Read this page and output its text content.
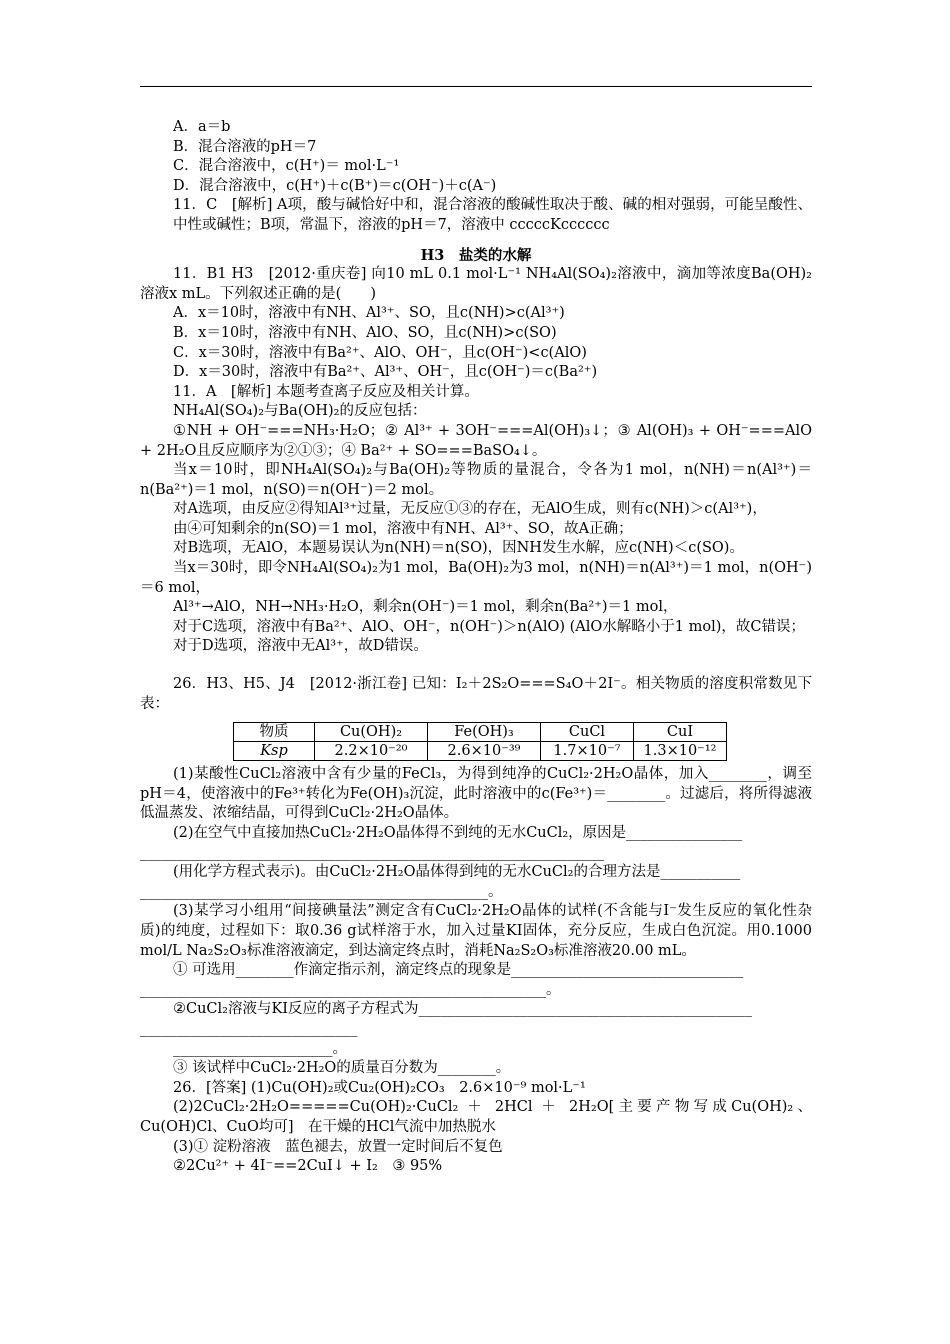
A．a＝b
B．混合溶液的pH＝7
C．混合溶液中，c(H⁺)＝ mol·L⁻¹
D．混合溶液中，c(H⁺)＋c(B⁺)＝c(OH⁻)＋c(A⁻)
11．C　[解析] A项，酸与碱恰好中和，混合溶液的酸碱性取决于酸、碱的相对强弱，可能呈酸性、中性或碱性；B项，常温下，溶液的pH＝7，溶液中 cccccKcccccc
H3　盐类的水解
11．B1 H3　[2012·重庆卷] 向10 mL 0.1 mol·L⁻¹ NH₄Al(SO₄)₂溶液中，滴加等浓度Ba(OH)₂溶液x mL。下列叙述正确的是(　　)
A．x＝10时，溶液中有NH、Al³⁺、SO，且c(NH)>c(Al³⁺)
B．x＝10时，溶液中有NH、AlO、SO，且c(NH)>c(SO)
C．x＝30时，溶液中有Ba²⁺、AlO、OH⁻，且c(OH⁻)<c(AlO)
D．x＝30时，溶液中有Ba²⁺、Al³⁺、OH⁻，且c(OH⁻)＝c(Ba²⁺)
11．A　[解析] 本题考查离子反应及相关计算。
NH₄Al(SO₄)₂与Ba(OH)₂的反应包括：
①NH + OH⁻===NH₃·H₂O；② Al³⁺ + 3OH⁻===Al(OH)₃↓；③ Al(OH)₃ + OH⁻===AlO + 2H₂O且反应顺序为②①③；④ Ba²⁺ + SO===BaSO₄↓。
当x＝10时，即NH₄Al(SO₄)₂与Ba(OH)₂等物质的量混合，令各为1 mol，n(NH)＝n(Al³⁺)＝n(Ba²⁺)＝1 mol，n(SO)＝n(OH⁻)＝2 mol。
对A选项，由反应②得知Al³⁺过量，无反应①③的存在，无AlO生成，则有c(NH)＞c(Al³⁺)，
由④可知剩余的n(SO)＝1 mol，溶液中有NH、Al³⁺、SO，故A正确；
对B选项，无AlO，本题易误认为n(NH)＝n(SO)，因NH发生水解，应c(NH)＜c(SO)。
当x＝30时，即令NH₄Al(SO₄)₂为1 mol，Ba(OH)₂为3 mol，n(NH)＝n(Al³⁺)＝1 mol，n(OH⁻)＝6 mol，
Al³⁺→AlO，NH→NH₃·H₂O，剩余n(OH⁻)＝1 mol，剩余n(Ba²⁺)＝1 mol，
对于C选项，溶液中有Ba²⁺、AlO、OH⁻，n(OH⁻)＞n(AlO) (AlO水解略小于1 mol)，故C错误；
对于D选项，溶液中无Al³⁺，故D错误。
26．H3、H5、J4　[2012·浙江卷] 已知：I₂＋2S₂O===S₄O＋2I⁻。相关物质的溶度积常数见下表：
物质	Cu(OH)₂	Fe(OH)₃	CuCl	CuI
Ksp	2.2×10⁻²⁰	2.6×10⁻³⁹	1.7×10⁻⁷	1.3×10⁻¹²
(1)某酸性CuCl₂溶液中含有少量的FeCl₃，为得到纯净的CuCl₂·2H₂O晶体，加入________，调至pH＝4，使溶液中的Fe³⁺转化为Fe(OH)₃沉淀，此时溶液中的c(Fe³⁺)＝________。过滤后，将所得滤液低温蒸发、浓缩结晶，可得到CuCl₂·2H₂O晶体。
(2)在空气中直接加热CuCl₂·2H₂O晶体得不到纯的无水CuCl₂，原因是________________
________________________________________________________________
(用化学方程式表示)。由CuCl₂·2H₂O晶体得到纯的无水CuCl₂的合理方法是___________
________________________________________________。
(3)某学习小组用“间接碘量法”测定含有CuCl₂·2H₂O晶体的试样(不含能与I⁻发生反应的氧化性杂质)的纯度，过程如下：取0.36 g试样溶于水，加入过量KI固体，充分反应，生成白色沉淀。用0.1000 mol/L Na₂S₂O₃标准溶液滴定，到达滴定终点时，消耗Na₂S₂O₃标准溶液20.00 mL。
① 可选用________作滴定指示剂，滴定终点的现象是________________________________
________________________________________________________。
②CuCl₂溶液与KI反应的离子方程式为______________________________________________
______________________________
______________________。
③ 该试样中CuCl₂·2H₂O的质量百分数为________。
26．[答案] (1)Cu(OH)₂或Cu₂(OH)₂CO₃　2.6×10⁻⁹ mol·L⁻¹
(2)2CuCl₂·2H₂O=====Cu(OH)₂·CuCl₂ ＋ 2HCl ＋ 2H₂O[主要产物写成Cu(OH)₂、Cu(OH)Cl、CuO均可]　在干燥的HCl气流中加热脱水
(3)① 淀粉溶液　蓝色褪去，放置一定时间后不复色
②2Cu²⁺ + 4I⁻==2CuI↓ + I₂　③ 95%
